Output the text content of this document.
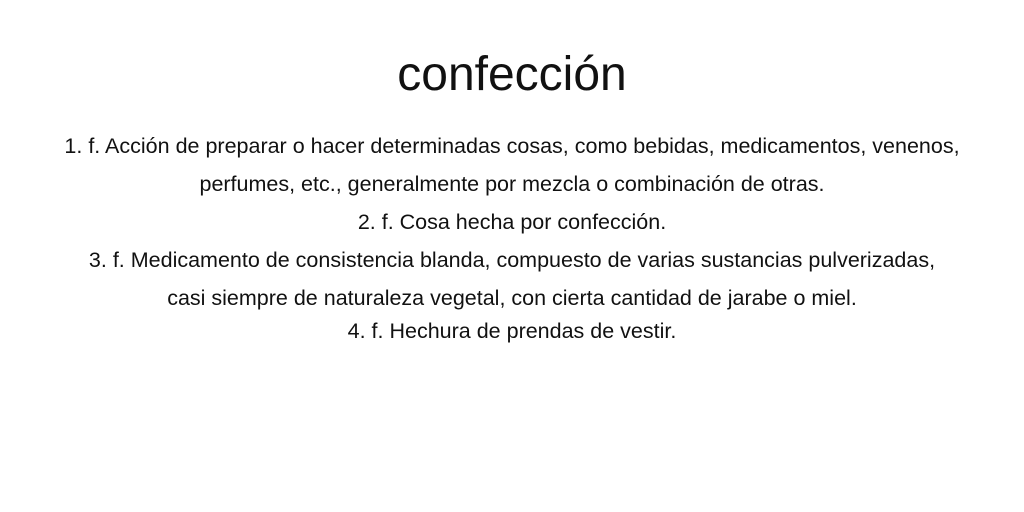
confección

1. f. Acción de preparar o hacer determinadas cosas, como bebidas, medicamentos, venenos, perfumes, etc., generalmente por mezcla o combinación de otras.

2. f. Cosa hecha por confección.

3. f. Medicamento de consistencia blanda, compuesto de varias sustancias pulverizadas, casi siempre de naturaleza vegetal, con cierta cantidad de jarabe o miel.

4. f. Hechura de prendas de vestir.
